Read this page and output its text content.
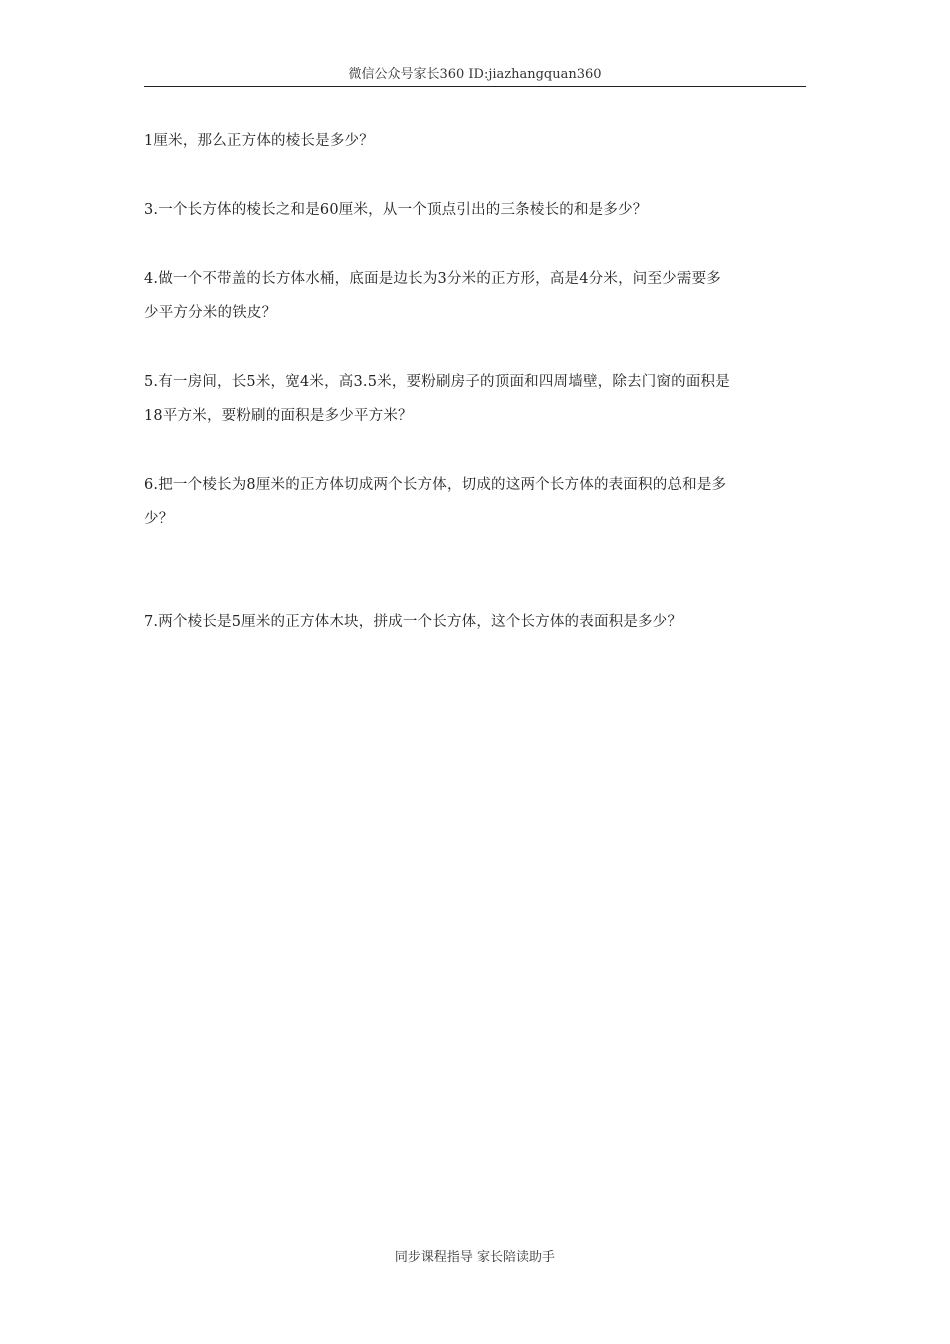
微信公众号家长360 ID:jiazhangquan360

1厘米，那么正方体的棱长是多少？

3.一个长方体的棱长之和是60厘米，从一个顶点引出的三条棱长的和是多少？

4.做一个不带盖的长方体水桶，底面是边长为3分米的正方形，高是4分米，问至少需要多
少平方分米的铁皮？

5.有一房间，长5米，宽4米，高3.5米，要粉刷房子的顶面和四周墙壁，除去门窗的面积是
18平方米，要粉刷的面积是多少平方米？

6.把一个棱长为8厘米的正方体切成两个长方体，切成的这两个长方体的表面积的总和是多
少？

7.两个棱长是5厘米的正方体木块，拼成一个长方体，这个长方体的表面积是多少？

同步课程指导 家长陪读助手
